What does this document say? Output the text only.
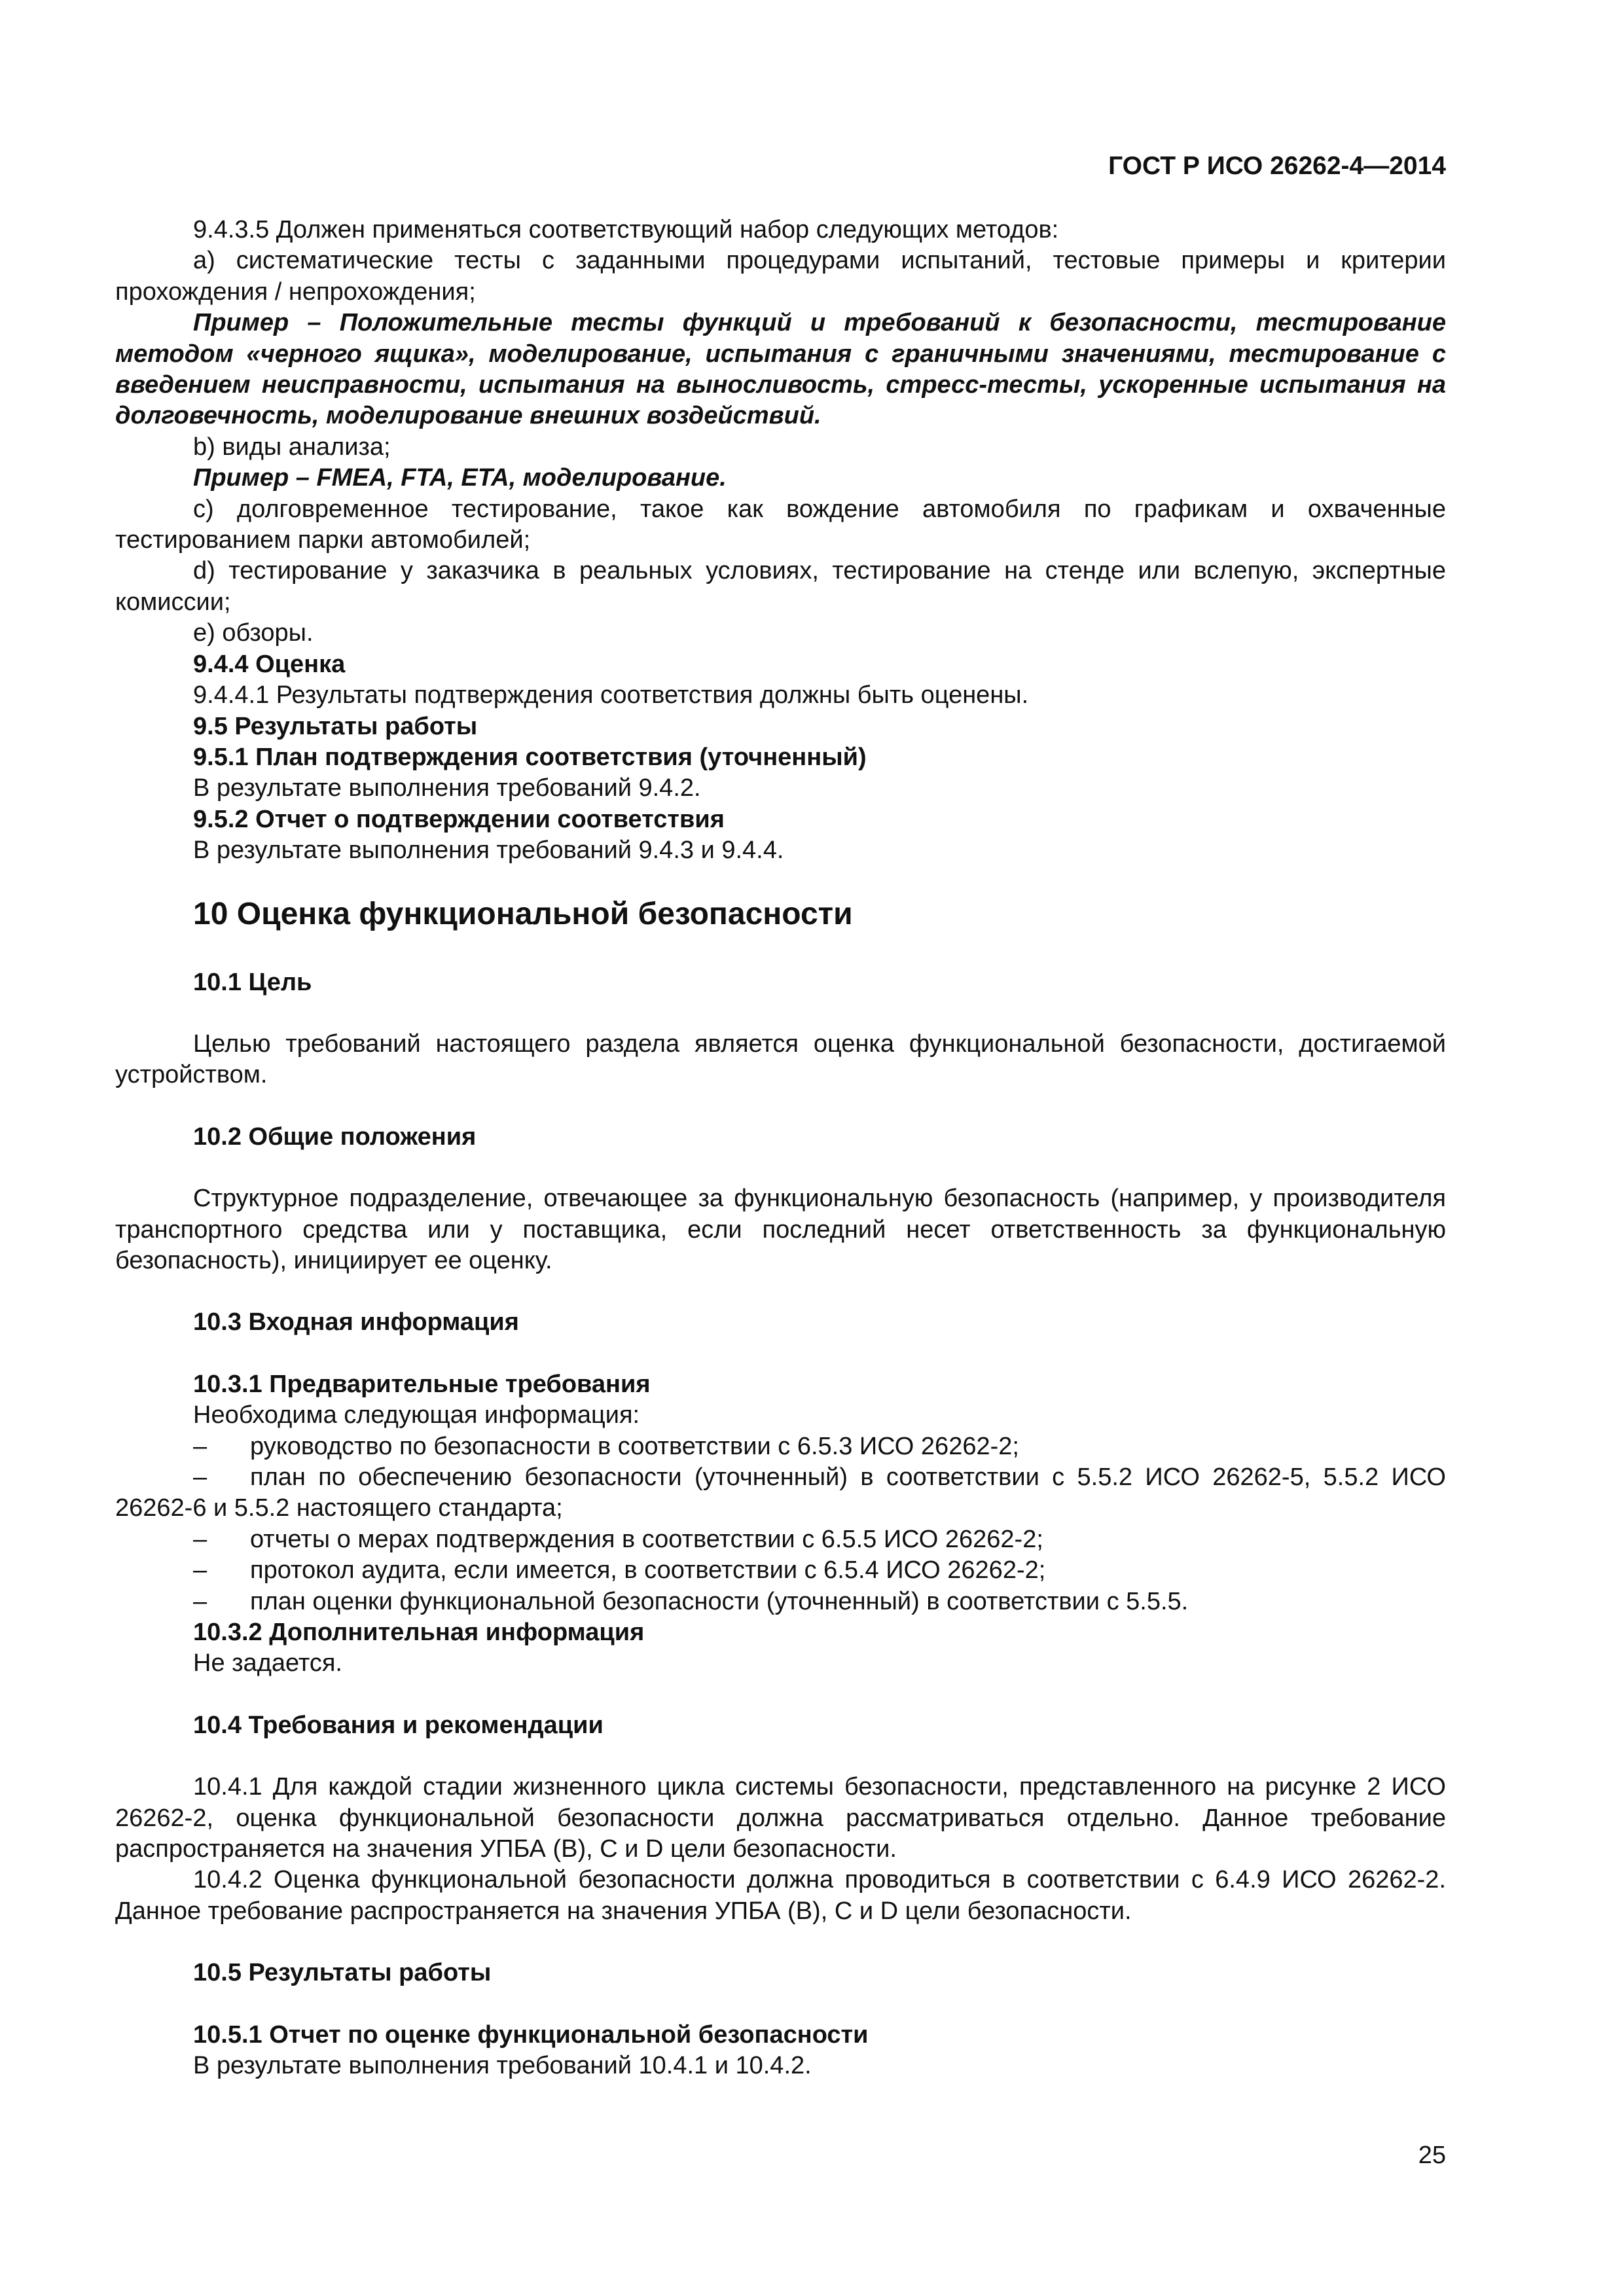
ГОСТ Р ИСО 26262-4—2014

9.4.3.5 Должен применяться соответствующий набор следующих методов:

а) систематические тесты с заданными процедурами испытаний, тестовые примеры и критерии прохождения / непрохождения;

Пример – Положительные тесты функций и требований к безопасности, тестирование методом «черного ящика», моделирование, испытания с граничными значениями, тестирование с введением неисправности, испытания на выносливость, стресс-тесты, ускоренные испытания на долговечность, моделирование внешних воздействий.

b) виды анализа;

Пример – FMEA, FTA, ETA, моделирование.

с) долговременное тестирование, такое как вождение автомобиля по графикам и охваченные тестированием парки автомобилей;

d) тестирование у заказчика в реальных условиях, тестирование на стенде или вслепую, экспертные комиссии;

е) обзоры.

9.4.4 Оценка

9.4.4.1 Результаты подтверждения соответствия должны быть оценены.

9.5 Результаты работы

9.5.1 План подтверждения соответствия (уточненный)

В результате выполнения требований 9.4.2.

9.5.2 Отчет о подтверждении соответствия

В результате выполнения требований 9.4.3 и 9.4.4.

10 Оценка функциональной безопасности
10.1 Цель

Целью требований настоящего раздела является оценка функциональной безопасности, достигаемой устройством.

10.2 Общие положения

Структурное подразделение, отвечающее за функциональную безопасность (например, у производителя транспортного средства или у поставщика, если последний несет ответственность за функциональную безопасность), инициирует ее оценку.

10.3 Входная информация
10.3.1 Предварительные требования

Необходима следующая информация:

– руководство по безопасности в соответствии с 6.5.3 ИСО 26262-2;

– план по обеспечению безопасности (уточненный) в соответствии с 5.5.2 ИСО 26262-5, 5.5.2 ИСО 26262-6 и 5.5.2 настоящего стандарта;

– отчеты о мерах подтверждения в соответствии с 6.5.5 ИСО 26262-2;

– протокол аудита, если имеется, в соответствии с 6.5.4 ИСО 26262-2;

– план оценки функциональной безопасности (уточненный) в соответствии с 5.5.5.

10.3.2 Дополнительная информация

Не задается.

10.4 Требования и рекомендации

10.4.1 Для каждой стадии жизненного цикла системы безопасности, представленного на рисунке 2 ИСО 26262-2, оценка функциональной безопасности должна рассматриваться отдельно. Данное требование распространяется на значения УПБА (В), С и D цели безопасности.

10.4.2 Оценка функциональной безопасности должна проводиться в соответствии с 6.4.9 ИСО 26262-2. Данное требование распространяется на значения УПБА (В), С и D цели безопасности.

10.5 Результаты работы
10.5.1 Отчет по оценке функциональной безопасности

В результате выполнения требований 10.4.1 и 10.4.2.

25
